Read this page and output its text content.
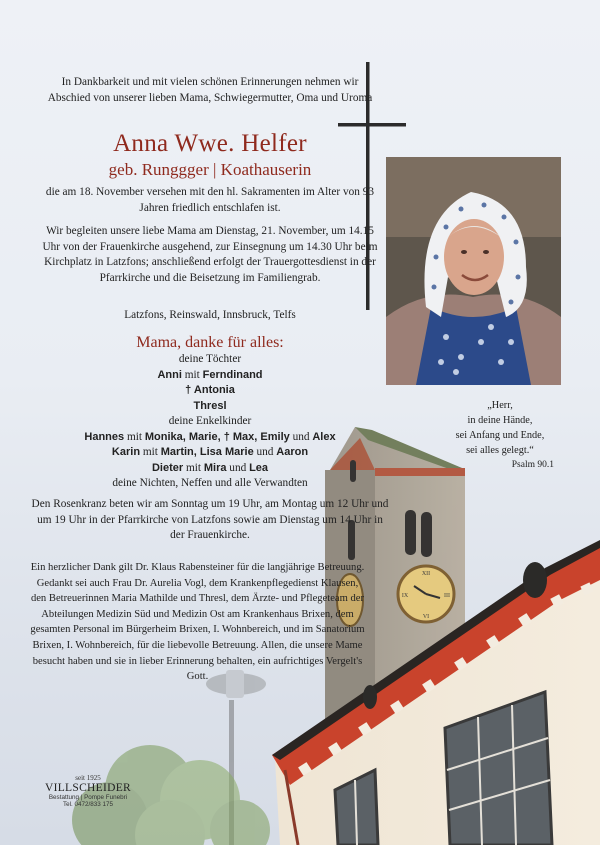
XII
III
VI
IX
In Dankbarkeit und mit vielen schönen Erinnerungen nehmen wir Abschied von unserer lieben Mama, Schwiegermutter, Oma und Uroma
Anna Wwe. Helfer
geb. Runggger | Koathauserin
die am 18. November versehen mit den hl. Sakramenten im Alter von 93 Jahren friedlich entschlafen ist.
Wir begleiten unsere liebe Mama am Dienstag, 21. November, um 14.15 Uhr von der Frauenkirche ausgehend, zur Einsegnung um 14.30 Uhr beim Kirchplatz in Latzfons; anschließend erfolgt der Trauergottesdienst in der Pfarrkirche und die Beisetzung im Familiengrab.
Latzfons, Reinswald, Innsbruck, Telfs
Mama, danke für alles:
deine Töchter
Anni mit Ferndinand
† Antonia
Thresl
deine Enkelkinder
Hannes mit Monika, Marie, † Max, Emily und Alex
Karin mit Martin, Lisa Marie und Aaron
Dieter mit Mira und Lea
deine Nichten, Neffen und alle Verwandten
Den Rosenkranz beten wir am Sonntag um 19 Uhr, am Montag um 12 Uhr und um 19 Uhr in der Pfarrkirche von Latzfons sowie am Dienstag um 14 Uhr in der Frauenkirche.
Ein herzlicher Dank gilt Dr. Klaus Rabensteiner für die langjährige Betreuung. Gedankt sei auch Frau Dr. Aurelia Vogl, dem Krankenpflegedienst Klausen, den Betreuerinnen Maria Mathilde und Thresl, dem Ärzte- und Pflegeteam der Abteilungen Medizin Süd und Medizin Ost am Krankenhaus Brixen, dem gesamten Personal im Bürgerheim Brixen, I. Wohnbereich, und im Sanatorium Brixen, I. Wohnbereich, für die liebevolle Betreuung. Allen, die unsere Mame besucht haben und sie in lieber Erinnerung behalten, ein aufrichtiges Vergelt's Gott.
„Herr,
in deine Hände,
sei Anfang und Ende,
sei alles gelegt.“
Psalm 90.1
seit 1925
VILLSCHEIDER
Bestattung | Pompe Funebri
Tel. 0472/833 175
